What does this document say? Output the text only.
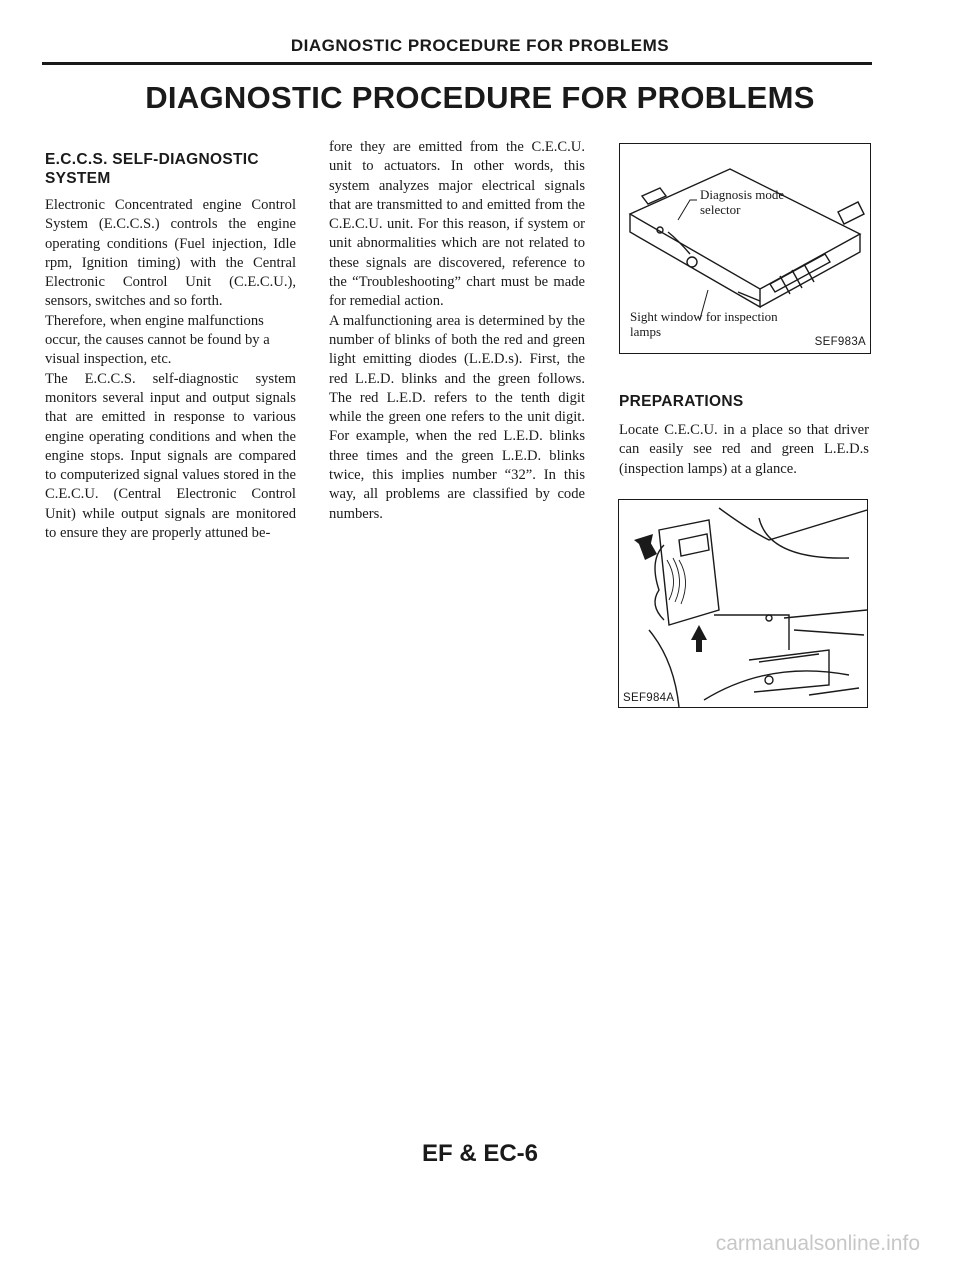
DIAGNOSTIC PROCEDURE FOR PROBLEMS
DIAGNOSTIC PROCEDURE FOR PROBLEMS
E.C.C.S. SELF-DIAGNOSTIC SYSTEM

Electronic Concentrated engine Control System (E.C.C.S.) controls the engine operating conditions (Fuel injection, Idle rpm, Ignition timing) with the Central Electronic Control Unit (C.E.C.U.), sensors, switches and so forth.

Therefore, when engine malfunctions occur, the causes cannot be found by a visual inspection, etc.

The E.C.C.S. self-diagnostic system monitors several input and output signals that are emitted in response to various engine operating conditions and when the engine stops. Input signals are compared to computerized signal values stored in the C.E.C.U. (Central Electronic Control Unit) while output signals are monitored to ensure they are properly attuned be-

fore they are emitted from the C.E.C.U. unit to actuators. In other words, this system analyzes major electrical signals that are transmitted to and emitted from the C.E.C.U. unit. For this reason, if system or unit abnormalities which are not related to these signals are discovered, reference to the “Troubleshooting” chart must be made for remedial action.

A malfunctioning area is determined by the number of blinks of both the red and green light emitting diodes (L.E.D.s). First, the red L.E.D. blinks and the green follows. The red L.E.D. refers to the tenth digit while the green one refers to the unit digit. For example, when the red L.E.D. blinks three times and the green L.E.D. blinks twice, this implies number “32”. In this way, all problems are classified by code numbers.

Diagnosis mode selector
Sight window for inspection lamps
SEF983A
PREPARATIONS

Locate C.E.C.U. in a place so that driver can easily see red and green L.E.D.s (inspection lamps) at a glance.

SEF984A
EF & EC-6
carmanualsonline.info
